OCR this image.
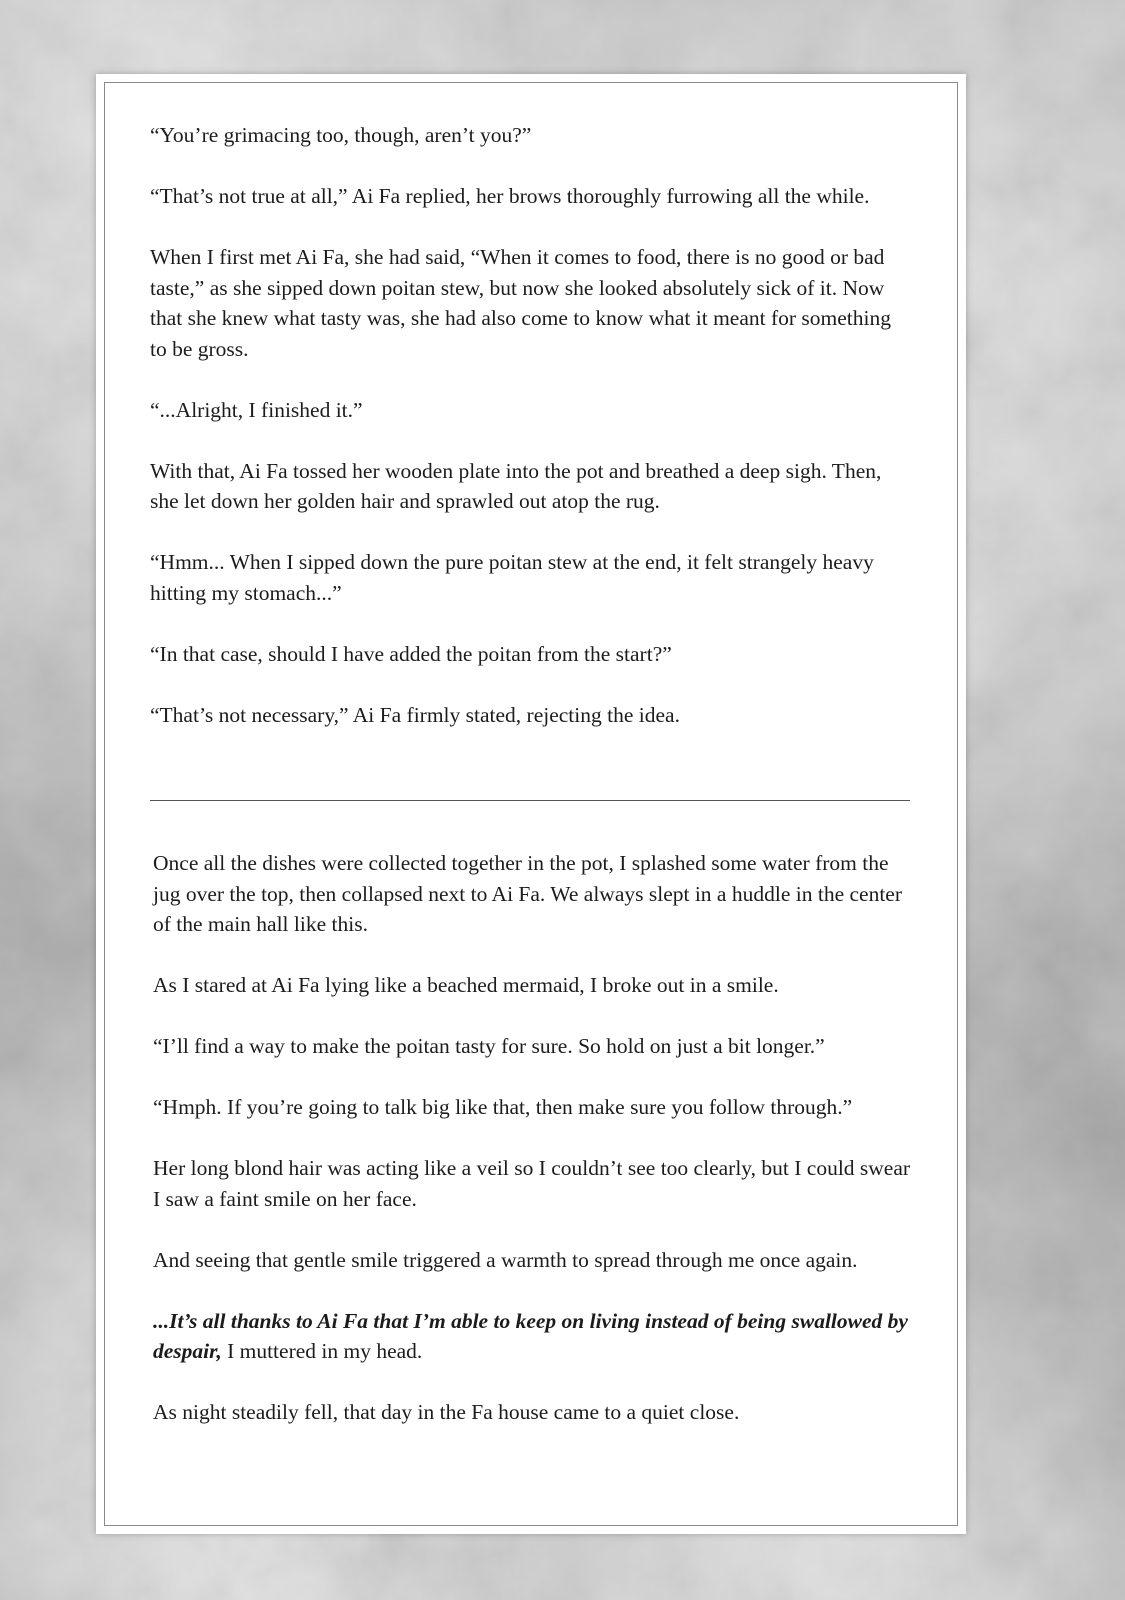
“You’re grimacing too, though, aren’t you?”

“That’s not true at all,” Ai Fa replied, her brows thoroughly furrowing all the while.

When I first met Ai Fa, she had said, “When it comes to food, there is no good or bad taste,” as she sipped down poitan stew, but now she looked absolutely sick of it. Now that she knew what tasty was, she had also come to know what it meant for something to be gross.

“...Alright, I finished it.”

With that, Ai Fa tossed her wooden plate into the pot and breathed a deep sigh. Then, she let down her golden hair and sprawled out atop the rug.

“Hmm... When I sipped down the pure poitan stew at the end, it felt strangely heavy hitting my stomach...”

“In that case, should I have added the poitan from the start?”

“That’s not necessary,” Ai Fa firmly stated, rejecting the idea.

Once all the dishes were collected together in the pot, I splashed some water from the jug over the top, then collapsed next to Ai Fa. We always slept in a huddle in the center of the main hall like this.

As I stared at Ai Fa lying like a beached mermaid, I broke out in a smile.

“I’ll find a way to make the poitan tasty for sure. So hold on just a bit longer.”

“Hmph. If you’re going to talk big like that, then make sure you follow through.”

Her long blond hair was acting like a veil so I couldn’t see too clearly, but I could swear I saw a faint smile on her face.

And seeing that gentle smile triggered a warmth to spread through me once again.

...It’s all thanks to Ai Fa that I’m able to keep on living instead of being swallowed by despair, I muttered in my head.

As night steadily fell, that day in the Fa house came to a quiet close.
